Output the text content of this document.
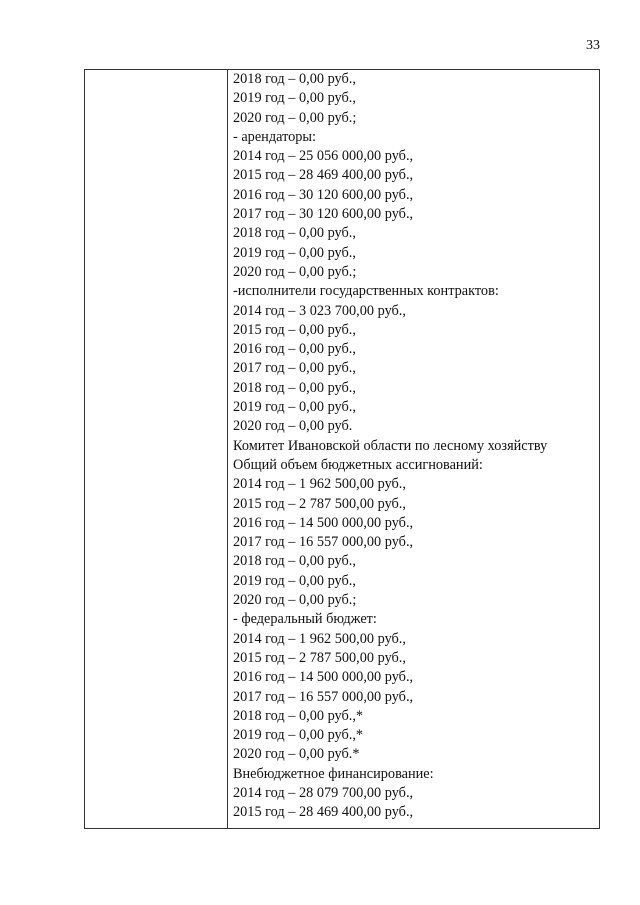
33
2018 год – 0,00 руб.,
2019 год – 0,00 руб.,
2020 год – 0,00 руб.;
- арендаторы:
2014 год – 25 056 000,00 руб.,
2015 год – 28 469 400,00 руб.,
2016 год – 30 120 600,00 руб.,
2017 год – 30 120 600,00 руб.,
2018 год – 0,00 руб.,
2019 год – 0,00 руб.,
2020 год – 0,00 руб.;
-исполнители государственных контрактов:
2014 год – 3 023 700,00 руб.,
2015 год – 0,00 руб.,
2016 год – 0,00 руб.,
2017 год – 0,00 руб.,
2018 год – 0,00 руб.,
2019 год – 0,00 руб.,
2020 год – 0,00 руб.
Комитет Ивановской области по лесному хозяйству
Общий объем бюджетных ассигнований:
2014 год – 1 962 500,00 руб.,
2015 год – 2 787 500,00 руб.,
2016 год – 14 500 000,00 руб.,
2017 год – 16 557 000,00 руб.,
2018 год – 0,00 руб.,
2019 год – 0,00 руб.,
2020 год – 0,00 руб.;
- федеральный бюджет:
2014 год – 1 962 500,00 руб.,
2015 год – 2 787 500,00 руб.,
2016 год – 14 500 000,00 руб.,
2017 год – 16 557 000,00 руб.,
2018 год – 0,00 руб.,*
2019 год – 0,00 руб.,*
2020 год – 0,00 руб.*
Внебюджетное финансирование:
2014 год – 28 079 700,00 руб.,
2015 год – 28 469 400,00 руб.,
